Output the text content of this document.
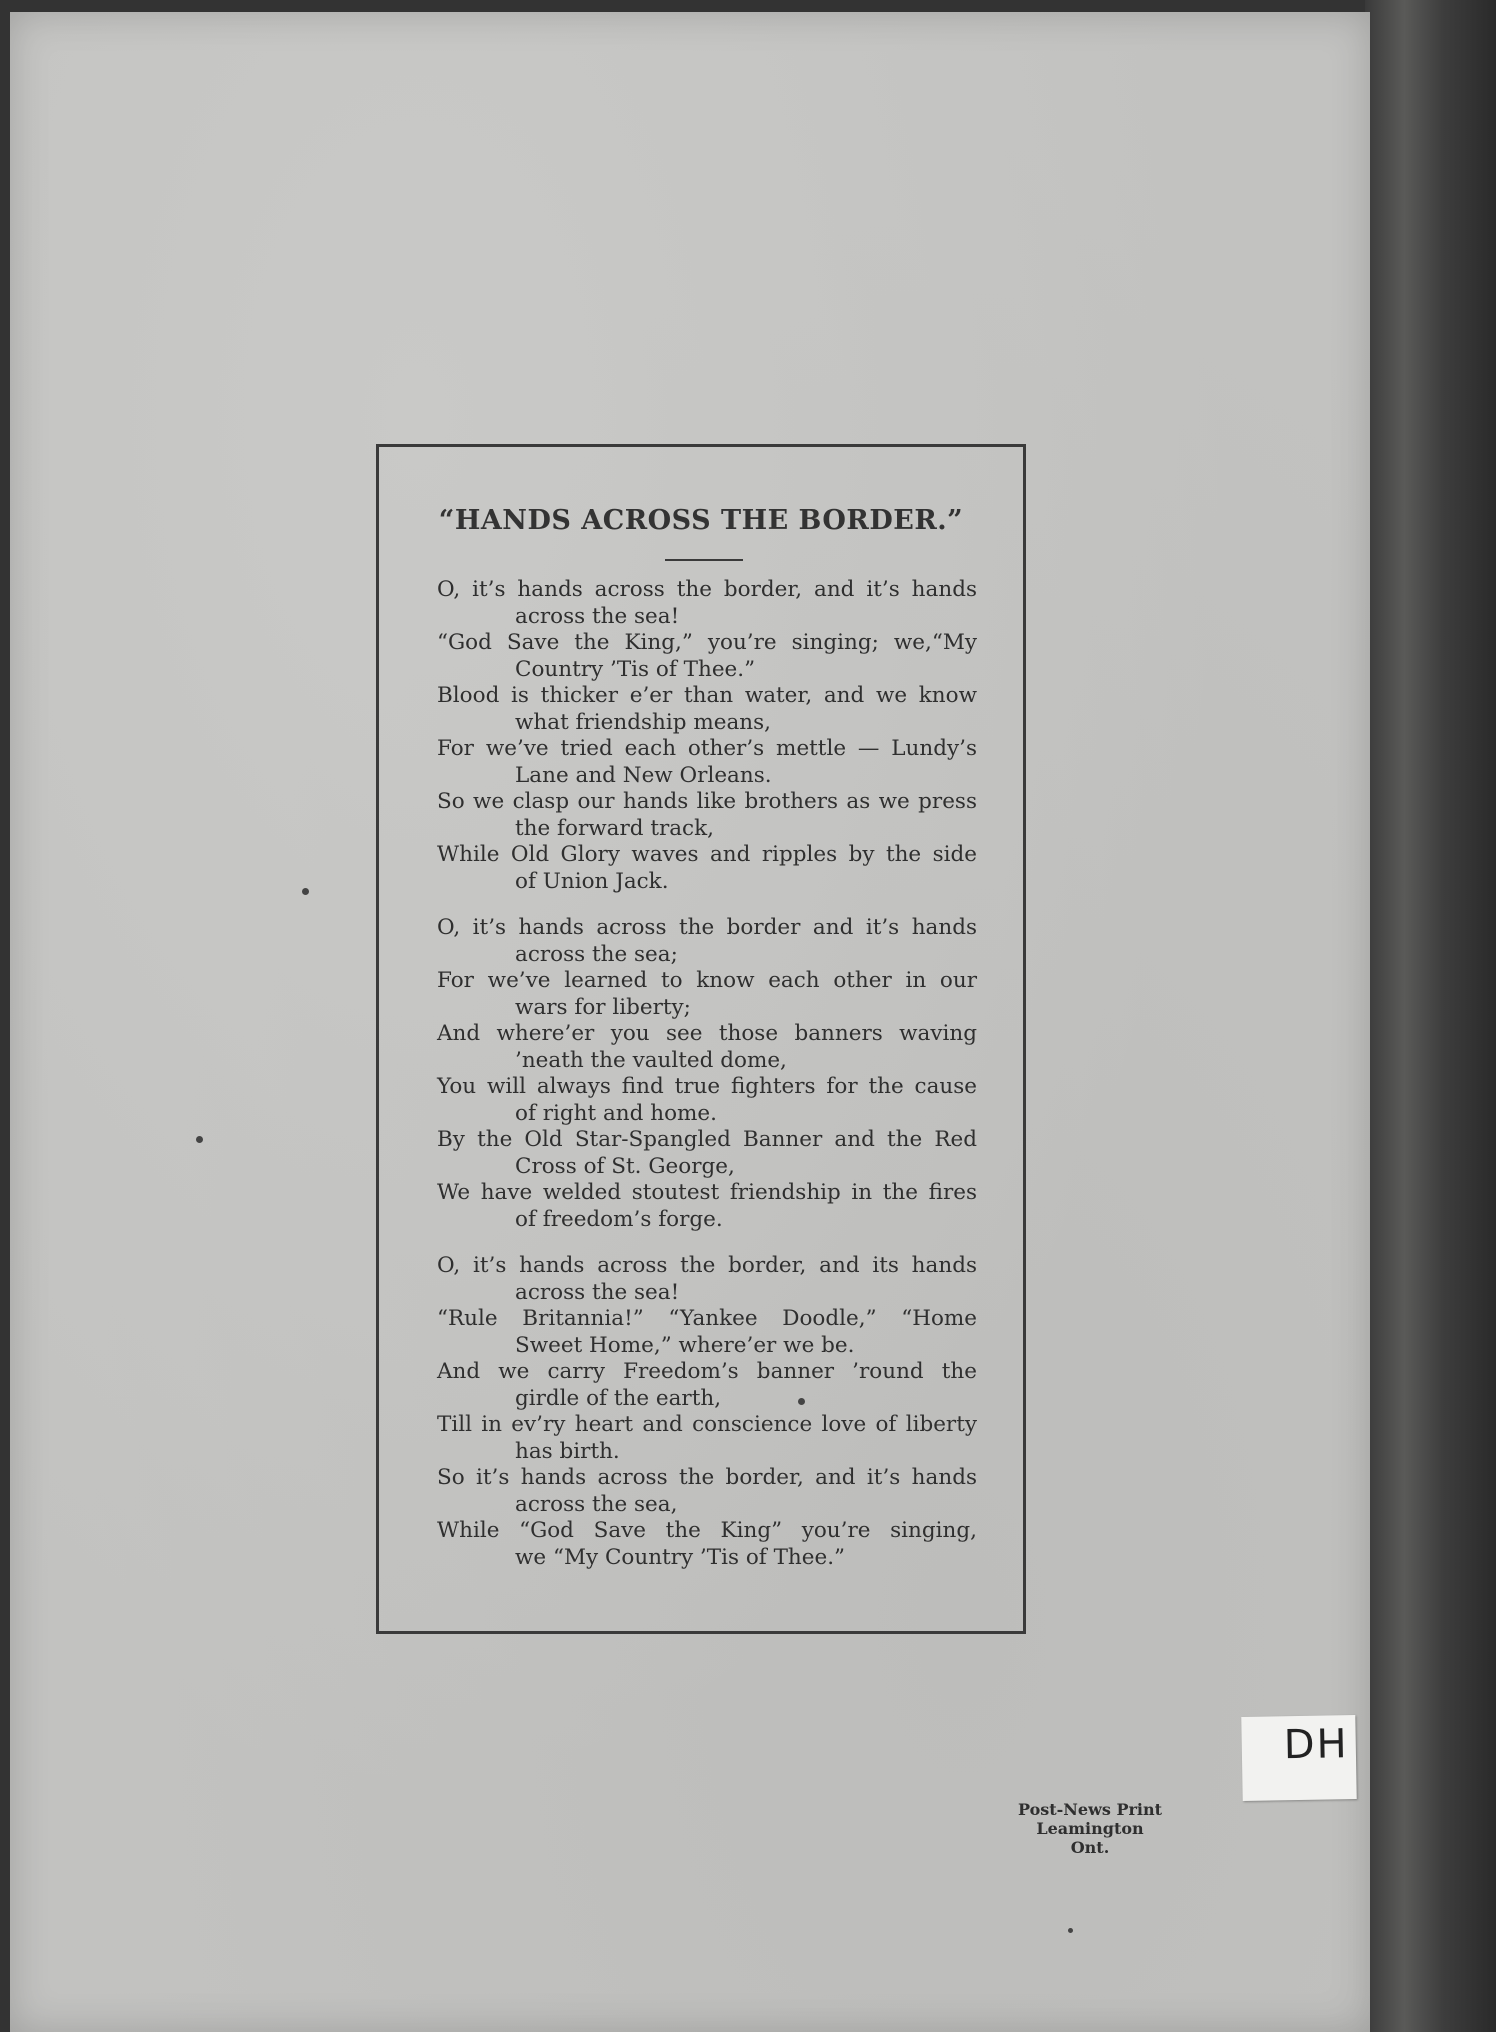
“HANDS ACROSS THE BORDER.”
O, it’s hands across the border, and it’s hands
across the sea!
“God Save the King,” you’re singing; we,“My
Country ’Tis of Thee.”
Blood is thicker e’er than water, and we know
what friendship means,
For we’ve tried each other’s mettle — Lundy’s
Lane and New Orleans.
So we clasp our hands like brothers as we press
the forward track,
While Old Glory waves and ripples by the side
of Union Jack.
O, it’s hands across the border and it’s hands
across the sea;
For we’ve learned to know each other in our
wars for liberty;
And where’er you see those banners waving
’neath the vaulted dome,
You will always find true fighters for the cause
of right and home.
By the Old Star-Spangled Banner and the Red
Cross of St. George,
We have welded stoutest friendship in the fires
of freedom’s forge.
O, it’s hands across the border, and its hands
across the sea!
“Rule Britannia!” “Yankee Doodle,” “Home
Sweet Home,” where’er we be.
And we carry Freedom’s banner ’round the
girdle of the earth,
Till in ev’ry heart and conscience love of liberty
has birth.
So it’s hands across the border, and it’s hands
across the sea,
While “God Save the King” you’re singing,
we “My Country ’Tis of Thee.”
Post-News Print
Leamington
Ont.
DH
